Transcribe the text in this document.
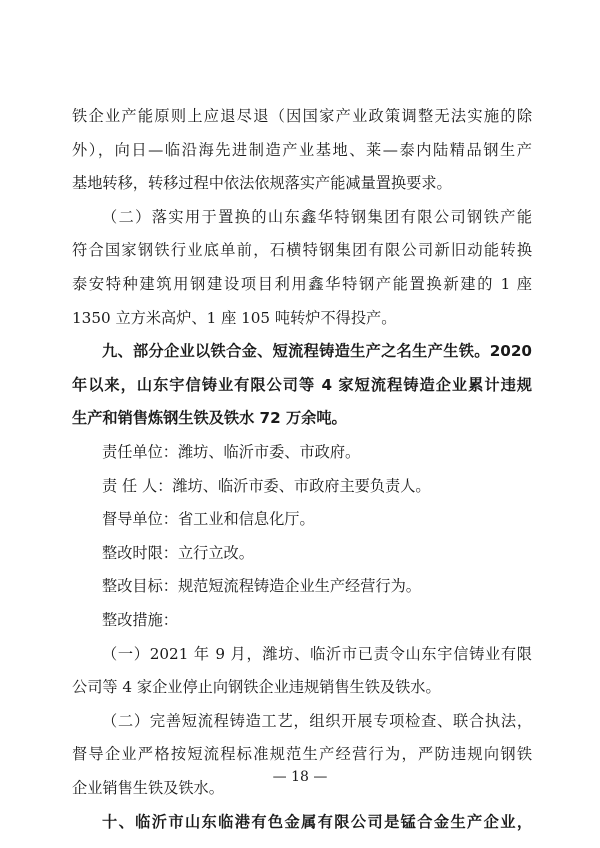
铁企业产能原则上应退尽退（因国家产业政策调整无法实施的除
外），向日—临沿海先进制造产业基地、莱—泰内陆精品钢生产
基地转移，转移过程中依法依规落实产能减量置换要求。
（二）落实用于置换的山东鑫华特钢集团有限公司钢铁产能
符合国家钢铁行业底单前，石横特钢集团有限公司新旧动能转换
泰安特种建筑用钢建设项目利用鑫华特钢产能置换新建的 1 座
1350 立方米高炉、1 座 105 吨转炉不得投产。
九、部分企业以铁合金、短流程铸造生产之名生产生铁。2020
年以来，山东宇信铸业有限公司等 4 家短流程铸造企业累计违规
生产和销售炼钢生铁及铁水 72 万余吨。
责任单位：潍坊、临沂市委、市政府。
责 任 人：潍坊、临沂市委、市政府主要负责人。
督导单位：省工业和信息化厅。
整改时限：立行立改。
整改目标：规范短流程铸造企业生产经营行为。
整改措施：
（一）2021 年 9 月，潍坊、临沂市已责令山东宇信铸业有限
公司等 4 家企业停止向钢铁企业违规销售生铁及铁水。
— 18 —
（二）完善短流程铸造工艺，组织开展专项检查、联合执法，
督导企业严格按短流程标准规范生产经营行为，严防违规向钢铁
企业销售生铁及铁水。
十、临沂市山东临港有色金属有限公司是锰合金生产企业，
